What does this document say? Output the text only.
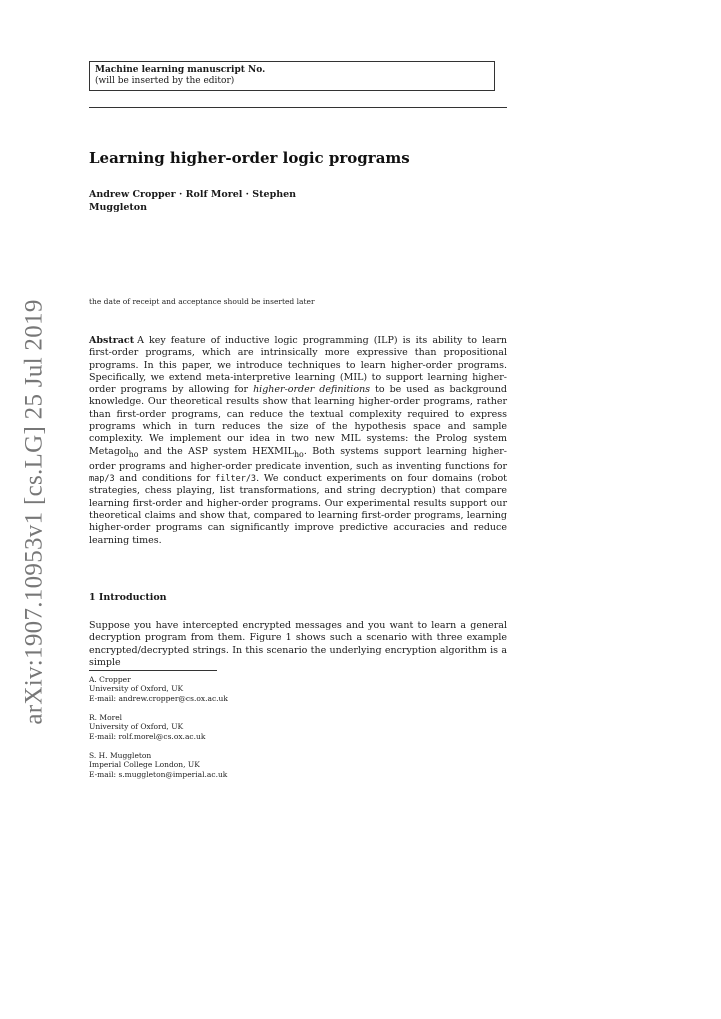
arXiv:1907.10953v1 [cs.LG] 25 Jul 2019
Machine learning manuscript No.
(will be inserted by the editor)
Learning higher-order logic programs
Andrew Cropper · Rolf Morel · Stephen
Muggleton
the date of receipt and acceptance should be inserted later
Abstract A key feature of inductive logic programming (ILP) is its ability to learn first-order programs, which are intrinsically more expressive than propositional programs. In this paper, we introduce techniques to learn higher-order programs. Specifically, we extend meta-interpretive learning (MIL) to support learning higher-order programs by allowing for higher-order definitions to be used as background knowledge. Our theoretical results show that learning higher-order programs, rather than first-order programs, can reduce the textual complexity required to express programs which in turn reduces the size of the hypothesis space and sample complexity. We implement our idea in two new MIL systems: the Prolog system Metagol$_{ho}$ and the ASP system $HEXMIL_{ho}$. Both systems support learning higher-order programs and higher-order predicate invention, such as inventing functions for map/3 and conditions for filter/3. We conduct experiments on four domains (robot strategies, chess playing, list transformations, and string decryption) that compare learning first-order and higher-order programs. Our experimental results support our theoretical claims and show that, compared to learning first-order programs, learning higher-order programs can significantly improve predictive accuracies and reduce learning times.
1 Introduction
Suppose you have intercepted encrypted messages and you want to learn a general decryption program from them. Figure 1 shows such a scenario with three example encrypted/decrypted strings. In this scenario the underlying encryption algorithm is a simple
A. Cropper
University of Oxford, UK
E-mail: andrew.cropper@cs.ox.ac.uk
R. Morel
University of Oxford, UK
E-mail: rolf.morel@cs.ox.ac.uk
S. H. Muggleton
Imperial College London, UK
E-mail: s.muggleton@imperial.ac.uk
